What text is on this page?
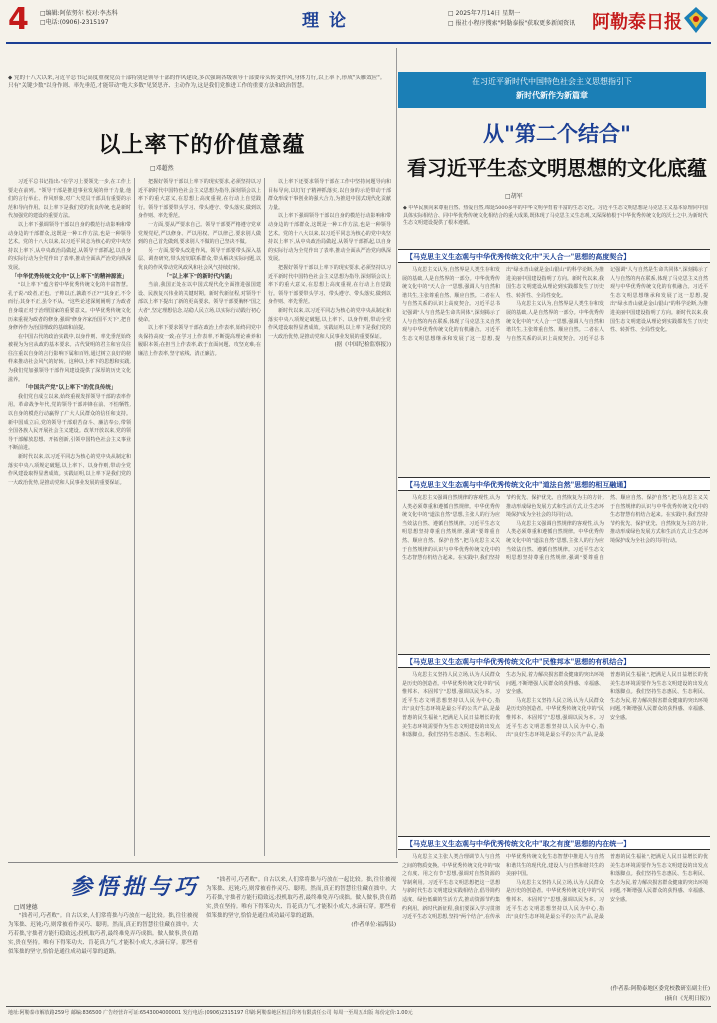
4 □编辑:阿依努尔 校对:李杰科
□电话:(0906)-2315197	理论	□ 2025年7月14日 星期一
□ 报社小程序搜索"阿勒泰报"获取更多新闻资讯 阿勒泰日报
◆ 党的十八大以来,习近平总书记高度重视党员干部特别是领导干部的作风建设,多次强调各级领导干部要带头转变作风,身体力行,以上率下,形成"头雁效应"。只有"关键少数"以身作则、率先垂范,才能带动"绝大多数"见贤思齐、主动作为,这是我们党推进工作的重要方法和政治智慧。
以上率下的价值意蕴
□邓超然

习近平总书记指出:"在学习上要领先一步,在工作上要走在前列。"领导干部是推进事业发展的骨干力量,他们的言行举止、作风形象,对广大党员干部具有重要的示范和导向作用。以上率下是我们党的优良传统,也是新时代加强党的建设的重要方法。

以上率下强调领导干部以自身的模范行动影响和带动身边的干部群众,这既是一种工作方法,也是一种领导艺术。党的十八大以来,以习近平同志为核心的党中央坚持以上率下,从中央政治局做起,从领导干部抓起,以自身的实际行动为全党作出了表率,推动全面从严治党向纵深发展。

「中华优秀传统文化中"以上率下"的精神源流」

"以上率下"蕴含着中华优秀传统文化的丰富智慧。孔子说:"政者,正也。子帅以正,孰敢不正?""其身正,不令而行;其身不正,虽令不从。"这些论述深刻阐明了为政者自身端正对于治理国家的重要意义。中华优秀传统文化历来重视为政者的修身,强调"修身齐家治国平天下",把自身修养作为治国理政的基础和前提。

在中国古代的政治实践中,以身作则、率先垂范始终被视为为官从政的基本要求。古代贤明的君主和官员往往注重以自身的言行影响下属和百姓,通过树立良好的榜样来推动社会风气的好转。这种以上率下的思想和实践,为我们党加强领导干部作风建设提供了深厚的历史文化滋养。

「中国共产党"以上率下"的优良传统」

我们党自成立以来,始终重视发挥领导干部的表率作用。革命战争年代,党的领导干部冲锋在前、不怕牺牲,以自身的模范行动赢得了广大人民群众的信任和支持。新中国成立后,党的领导干部艰苦奋斗、廉洁奉公,带领全国各族人民开展社会主义建设。改革开放以来,党的领导干部解放思想、开拓创新,引领中国特色社会主义事业不断前进。

新时代以来,以习近平同志为核心的党中央从制定和落实中央八项规定破题,以上率下、以身作则,带动全党作风建设取得显著成效。实践证明,以上率下是我们党的一大政治优势,是推动党和人民事业发展的重要保证。

把握好领导干部以上率下的现实要求,必须坚持以习近平新时代中国特色社会主义思想为指导,深刻领会以上率下的重大意义,在思想上高度重视,在行动上自觉践行。领导干部要带头学习、带头遵守、带头落实,做到以身作则、率先垂范。

一方面,要从严要求自己。领导干部要严格遵守党章党规党纪,严以修身、严以用权、严以律己,要求别人做到的自己首先做到,要求别人不做的自己坚决不做。

另一方面,要带头改进作风。领导干部要带头深入基层、调查研究,带头密切联系群众,带头解决实际问题,以优良的作风带动党风政风和社会风气持续好转。

「"以上率下"的新时代内涵」

当前,我国正处在以中国式现代化全面推进强国建设、民族复兴伟业的关键时期。新时代新征程,对领导干部以上率下提出了新的更高要求。领导干部要胸怀"国之大者",坚定理想信念,站稳人民立场,以实际行动践行初心使命。

以上率下要求领导干部在政治上作表率,始终同党中央保持高度一致;在学习上作表率,不断提高理论素养和履职本领;在担当上作表率,敢于直面问题、攻坚克难;在廉洁上作表率,坚守底线、清正廉洁。

以上率下还要求领导干部在工作中坚持问题导向和目标导向,以钉钉子精神抓落实,以自身的示范带动干部群众形成干事创业的强大合力,为推进中国式现代化贡献力量。

以上率下强调领导干部以自身的模范行动影响和带动身边的干部群众,这既是一种工作方法,也是一种领导艺术。党的十八大以来,以习近平同志为核心的党中央坚持以上率下,从中央政治局做起,从领导干部抓起,以自身的实际行动为全党作出了表率,推动全面从严治党向纵深发展。

把握好领导干部以上率下的现实要求,必须坚持以习近平新时代中国特色社会主义思想为指导,深刻领会以上率下的重大意义,在思想上高度重视,在行动上自觉践行。领导干部要带头学习、带头遵守、带头落实,做到以身作则、率先垂范。

新时代以来,以习近平同志为核心的党中央从制定和落实中央八项规定破题,以上率下、以身作则,带动全党作风建设取得显著成效。实践证明,以上率下是我们党的一大政治优势,是推动党和人民事业发展的重要保证。

(据《中国纪检监察报》)

参悟拙与巧
□周建德

"拙者可,巧者败"。自古以来,人们常将拙与巧放在一起比较。拙,往往被视为笨拙、迟钝;巧,则常被看作灵巧、聪明。然而,真正的智慧往往藏在拙中。大巧若拙,守拙者方能行稳致远;投机取巧者,最终难免弄巧成拙。做人做事,贵在踏实,贵在坚持。唯有下得笨功夫、肯花真力气,才能积小成大,水滴石穿。那些看似笨拙的坚守,恰恰是通往成功最可靠的道路。

"拙者可,巧者败"。自古以来,人们常将拙与巧放在一起比较。拙,往往被视为笨拙、迟钝;巧,则常被看作灵巧、聪明。然而,真正的智慧往往藏在拙中。大巧若拙,守拙者方能行稳致远;投机取巧者,最终难免弄巧成拙。做人做事,贵在踏实,贵在坚持。唯有下得笨功夫、肯花真力气,才能积小成大,水滴石穿。那些看似笨拙的坚守,恰恰是通往成功最可靠的道路。

(作者单位:福海县)

在习近平新时代中国特色社会主义思想指引下
新时代新作为新篇章
从"第二个结合"
看习近平生态文明思想的文化底蕴
□胡军
◆ 中华民族向来尊重自然、热爱自然,绵延5000多年的中华文明孕育着丰富的生态文化。习近平生态文明思想是马克思主义基本原理同中国具体实际相结合、同中华优秀传统文化相结合的重大成果,既体现了马克思主义生态观,又深深植根于中华优秀传统文化的沃土之中,为新时代生态文明建设提供了根本遵循。
【马克思主义生态观与中华优秀传统文化中"天人合一"思想的高度契合】

马克思主义认为,自然界是人类生存和发展的基础,人是自然界的一部分。中华优秀传统文化中的"天人合一"思想,强调人与自然和谐共生,主张尊重自然、顺应自然。二者在人与自然关系的认识上高度契合。习近平总书记强调"人与自然是生命共同体",深刻揭示了人与自然的内在联系,体现了马克思主义自然观与中华优秀传统文化的有机融合。习近平生态文明思想继承和发展了这一思想,提出"绿水青山就是金山银山"的科学论断,为推进美丽中国建设指明了方向。新时代以来,我国生态文明建设从理论到实践都发生了历史性、转折性、全局性变化。

马克思主义认为,自然界是人类生存和发展的基础,人是自然界的一部分。中华优秀传统文化中的"天人合一"思想,强调人与自然和谐共生,主张尊重自然、顺应自然。二者在人与自然关系的认识上高度契合。习近平总书记强调"人与自然是生命共同体",深刻揭示了人与自然的内在联系,体现了马克思主义自然观与中华优秀传统文化的有机融合。习近平生态文明思想继承和发展了这一思想,提出"绿水青山就是金山银山"的科学论断,为推进美丽中国建设指明了方向。新时代以来,我国生态文明建设从理论到实践都发生了历史性、转折性、全局性变化。

【马克思主义生态观与中华优秀传统文化中"道法自然"思想的相互融通】

马克思主义强调自然规律的客观性,认为人类必须尊重和遵循自然规律。中华优秀传统文化中的"道法自然"思想,主张人的行为应当效法自然、遵循自然规律。习近平生态文明思想坚持尊重自然规律,强调"要尊重自然、顺应自然、保护自然",把马克思主义关于自然规律的认识与中华优秀传统文化中的生态智慧有机结合起来。在实践中,我们坚持节约优先、保护优先、自然恢复为主的方针,推动形成绿色发展方式和生活方式,让生态环境保护成为全社会的共同行动。

马克思主义强调自然规律的客观性,认为人类必须尊重和遵循自然规律。中华优秀传统文化中的"道法自然"思想,主张人的行为应当效法自然、遵循自然规律。习近平生态文明思想坚持尊重自然规律,强调"要尊重自然、顺应自然、保护自然",把马克思主义关于自然规律的认识与中华优秀传统文化中的生态智慧有机结合起来。在实践中,我们坚持节约优先、保护优先、自然恢复为主的方针,推动形成绿色发展方式和生活方式,让生态环境保护成为全社会的共同行动。

【马克思主义生态观与中华优秀传统文化中"民惟邦本"思想的有机结合】

马克思主义坚持人民立场,认为人民群众是历史的创造者。中华优秀传统文化中的"民惟邦本、本固邦宁"思想,强调以民为本。习近平生态文明思想坚持以人民为中心,指出"良好生态环境是最公平的公共产品,是最普惠的民生福祉",把满足人民日益增长的优美生态环境需要作为生态文明建设的出发点和落脚点。我们坚持生态惠民、生态利民、生态为民,着力解决损害群众健康的突出环境问题,不断增强人民群众的获得感、幸福感、安全感。

马克思主义坚持人民立场,认为人民群众是历史的创造者。中华优秀传统文化中的"民惟邦本、本固邦宁"思想,强调以民为本。习近平生态文明思想坚持以人民为中心,指出"良好生态环境是最公平的公共产品,是最普惠的民生福祉",把满足人民日益增长的优美生态环境需要作为生态文明建设的出发点和落脚点。我们坚持生态惠民、生态利民、生态为民,着力解决损害群众健康的突出环境问题,不断增强人民群众的获得感、幸福感、安全感。

【马克思主义生态观与中华优秀传统文化中"取之有度"思想的内在统一】

马克思主义主张人类合理调节人与自然之间的物质变换。中华优秀传统文化中的"取之有度、用之有节"思想,强调对自然资源的节制利用。习近平生态文明思想把这一思想与新时代生态文明建设实践相结合,倡导简约适度、绿色低碳的生活方式,推动资源节约集约利用。新时代新征程,我们要深入学习贯彻习近平生态文明思想,坚持"两个结合",在传承中华优秀传统文化生态智慧中推进人与自然和谐共生的现代化,建设人与自然和谐共生的美丽中国。

马克思主义坚持人民立场,认为人民群众是历史的创造者。中华优秀传统文化中的"民惟邦本、本固邦宁"思想,强调以民为本。习近平生态文明思想坚持以人民为中心,指出"良好生态环境是最公平的公共产品,是最普惠的民生福祉",把满足人民日益增长的优美生态环境需要作为生态文明建设的出发点和落脚点。我们坚持生态惠民、生态利民、生态为民,着力解决损害群众健康的突出环境问题,不断增强人民群众的获得感、幸福感、安全感。

(作者系:阿勒泰地区委党校教研室副主任)
(摘自《光明日报》)
地址:阿勒泰市解放路259号 邮编:836500 广告经营许可证:6543004000001 发行电话:(0906)2315197 印刷:阿勒泰地区恒昌印务有限责任公司 每周一至周五出版 每份定价:1.00元
